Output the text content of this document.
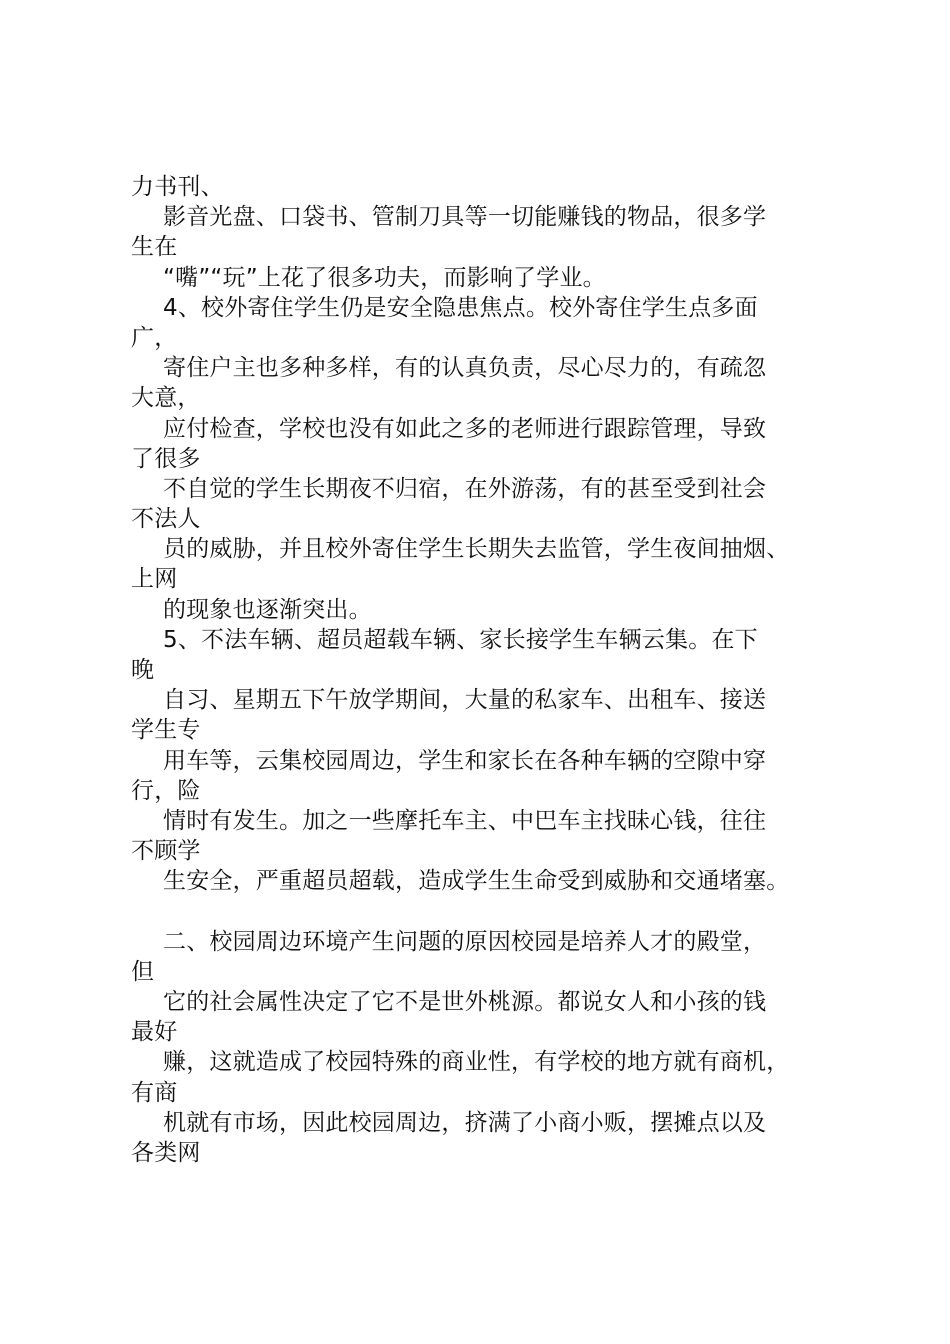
力书刊、
影音光盘、口袋书、管制刀具等一切能赚钱的物品，很多学
生在
“嘴”“玩”上花了很多功夫，而影响了学业。
4、校外寄住学生仍是安全隐患焦点。校外寄住学生点多面
广，
寄住户主也多种多样，有的认真负责，尽心尽力的，有疏忽
大意，
应付检查，学校也没有如此之多的老师进行跟踪管理，导致
了很多
不自觉的学生长期夜不归宿，在外游荡，有的甚至受到社会
不法人
员的威胁，并且校外寄住学生长期失去监管，学生夜间抽烟、
上网
的现象也逐渐突出。
5、不法车辆、超员超载车辆、家长接学生车辆云集。在下
晚
自习、星期五下午放学期间，大量的私家车、出租车、接送
学生专
用车等，云集校园周边，学生和家长在各种车辆的空隙中穿
行，险
情时有发生。加之一些摩托车主、中巴车主找昧心钱，往往
不顾学
生安全，严重超员超载，造成学生生命受到威胁和交通堵塞。
二、校园周边环境产生问题的原因校园是培养人才的殿堂，
但
它的社会属性决定了它不是世外桃源。都说女人和小孩的钱
最好
赚，这就造成了校园特殊的商业性，有学校的地方就有商机，
有商
机就有市场，因此校园周边，挤满了小商小贩，摆摊点以及
各类网
